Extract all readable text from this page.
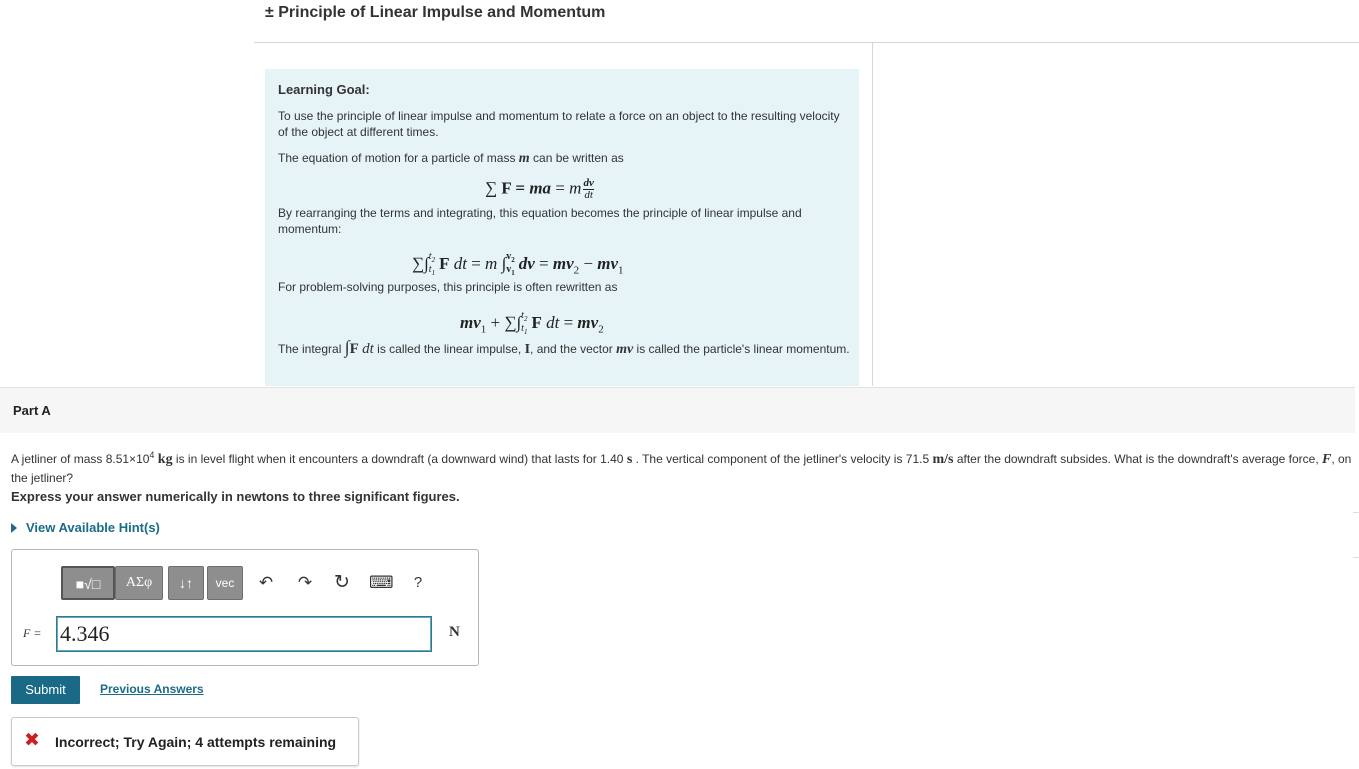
± Principle of Linear Impulse and Momentum
Learning Goal:
To use the principle of linear impulse and momentum to relate a force on an object to the resulting velocity of the object at different times.
The equation of motion for a particle of mass m can be written as
∑ F = ma = m $\frac{dv}{dt}$
By rearranging the terms and integrating, this equation becomes the principle of linear impulse and momentum:
∑∫ $t_2$
$t_1$
F dt = m ∫ $v_2$
$v_1$
dv = $mv_2 - mv_1$
For problem-solving purposes, this principle is often rewritten as
$mv_1$ + ∑∫ $t_2$
$t_1$
F dt = $mv_2$
The integral ∫F dt is called the linear impulse, I, and the vector mv is called the particle's linear momentum.
Part A
A jetliner of mass $8.51\times 10^4$ kg is in level flight when it encounters a downdraft (a downward wind) that lasts for 1.40 s . The vertical component of the jetliner's velocity is 71.5 m/s after the downdraft subsides. What is the downdraft's average force, F, on the jetliner?
Express your answer numerically in newtons to three significant figures.
View Available Hint(s)
■√□	ΑΣφ	↓↑	vec	↶ ↷ ↻ ⌨	?
F = 4.346	N
Submit	Previous Answers
✖ Incorrect; Try Again; 4 attempts remaining
